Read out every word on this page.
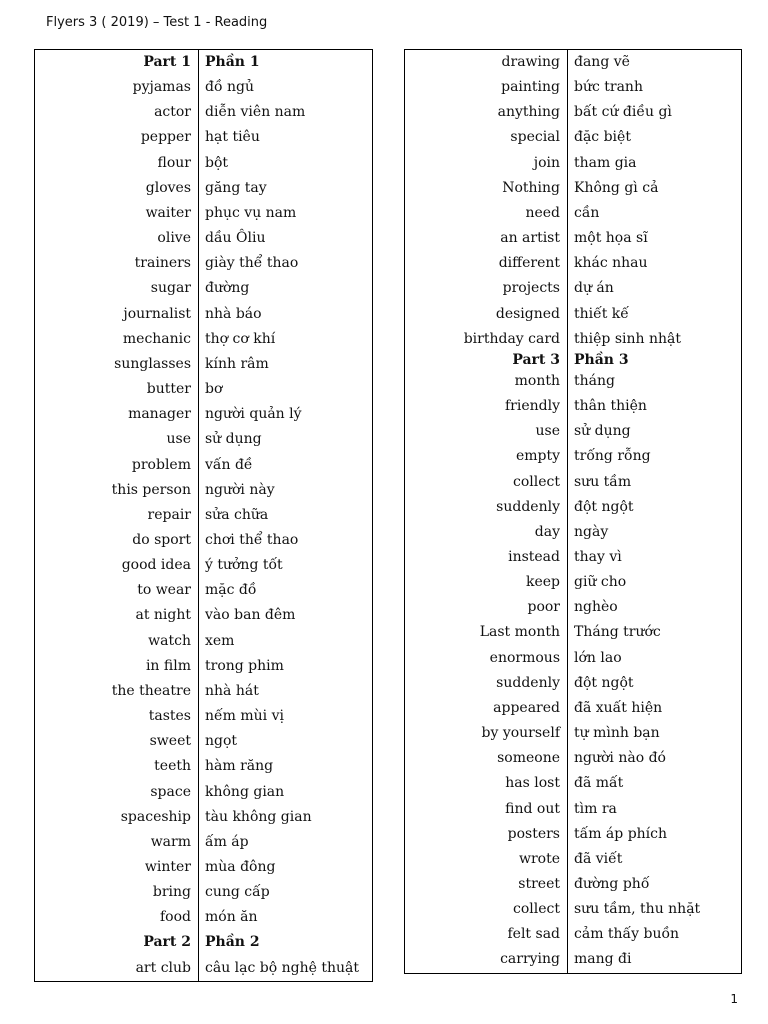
Flyers 3 ( 2019) – Test 1 - Reading
Part 1	Phần 1
pyjamas	đồ ngủ
actor	diễn viên nam
pepper	hạt tiêu
flour	bột
gloves	găng tay
waiter	phục vụ nam
olive	dầu Ôliu
trainers	giày thể thao
sugar	đường
journalist	nhà báo
mechanic	thợ cơ khí
sunglasses	kính râm
butter	bơ
manager	người quản lý
use	sử dụng
problem	vấn đề
this person	người này
repair	sửa chữa
do sport	chơi thể thao
good idea	ý tưởng tốt
to wear	mặc đồ
at night	vào ban đêm
watch	xem
in film	trong phim
the theatre	nhà hát
tastes	nếm mùi vị
sweet	ngọt
teeth	hàm răng
space	không gian
spaceship	tàu không gian
warm	ấm áp
winter	mùa đông
bring	cung cấp
food	món ăn
Part 2	Phần 2
art club	câu lạc bộ nghệ thuật
drawing	đang vẽ
painting	bức tranh
anything	bất cứ điều gì
special	đặc biệt
join	tham gia
Nothing	Không gì cả
need	cần
an artist	một họa sĩ
different	khác nhau
projects	dự án
designed	thiết kế
birthday card	thiệp sinh nhật
Part 3	Phần 3
month	tháng
friendly	thân thiện
use	sử dụng
empty	trống rỗng
collect	sưu tầm
suddenly	đột ngột
day	ngày
instead	thay vì
keep	giữ cho
poor	nghèo
Last month	Tháng trước
enormous	lớn lao
suddenly	đột ngột
appeared	đã xuất hiện
by yourself	tự mình bạn
someone	người nào đó
has lost	đã mất
find out	tìm ra
posters	tấm áp phích
wrote	đã viết
street	đường phố
collect	sưu tầm, thu nhặt
felt sad	cảm thấy buồn
carrying	mang đi
1
